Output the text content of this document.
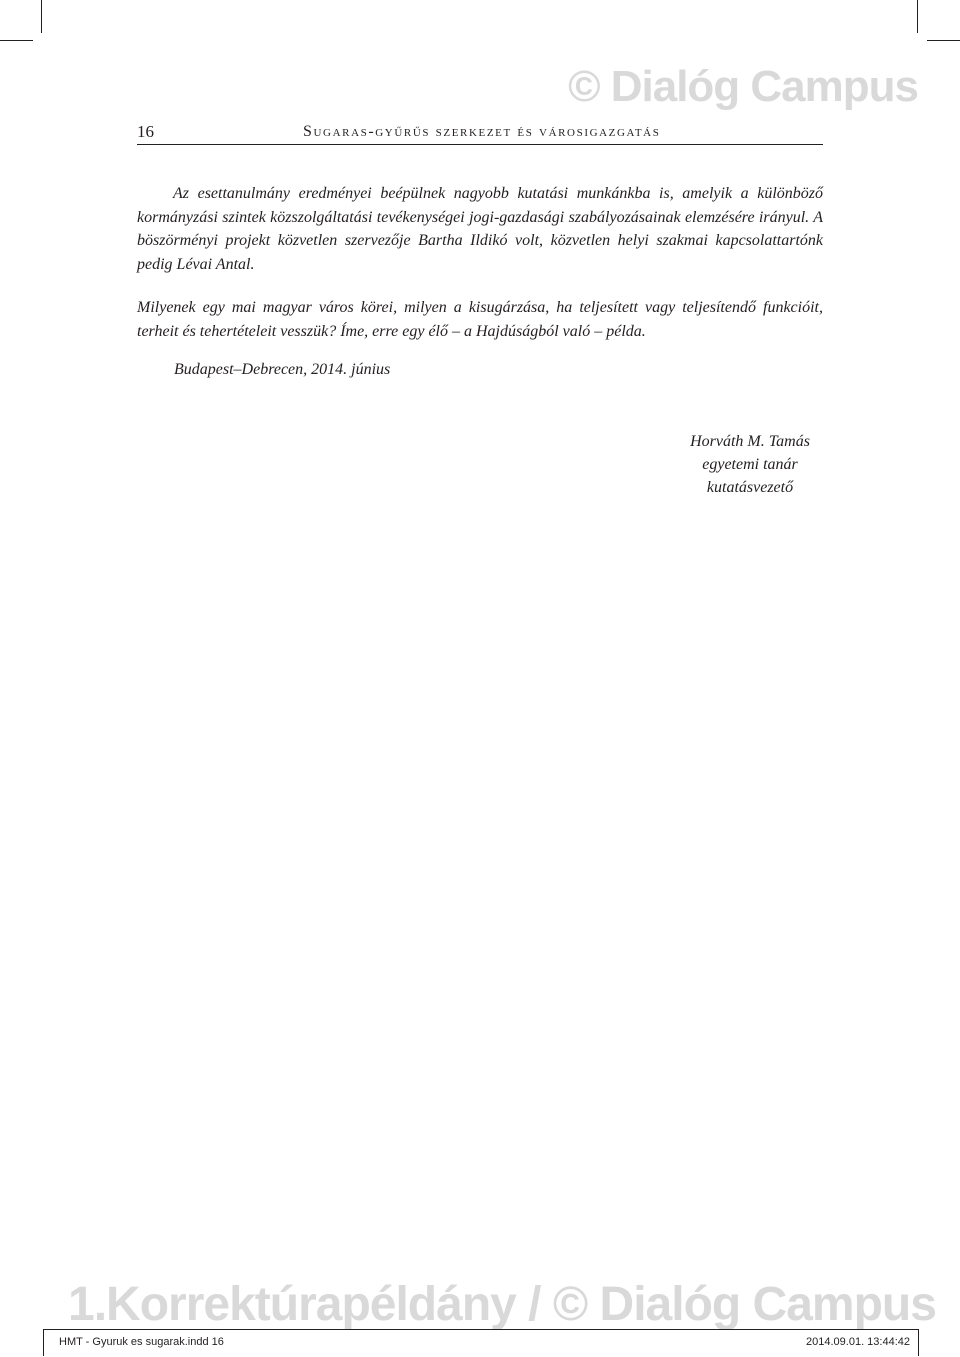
© Dialóg Campus
16	Sugaras-gyűrűs szerkezet és városigazgatás

Az esettanulmány eredményei beépülnek nagyobb kutatási munkánkba is, amelyik a különböző kormányzási szintek közszolgáltatási tevékenységei jogi-gazdasági szabályozásainak elemzésére irányul. A böszörményi projekt közvetlen szervezője Bartha Ildikó volt, közvetlen helyi szakmai kapcsolattartónk pedig Lévai Antal.

Milyenek egy mai magyar város körei, milyen a kisugárzása, ha teljesített vagy teljesítendő funkcióit, terheit és tehertételeit vesszük? Íme, erre egy élő – a Hajdúságból való – példa.

Budapest–Debrecen, 2014. június
Horváth M. Tamás
egyetemi tanár
kutatásvezető
1.Korrektúrapéldány / © Dialóg Campus
HMT - Gyuruk es sugarak.indd 16	2014.09.01. 13:44:42
